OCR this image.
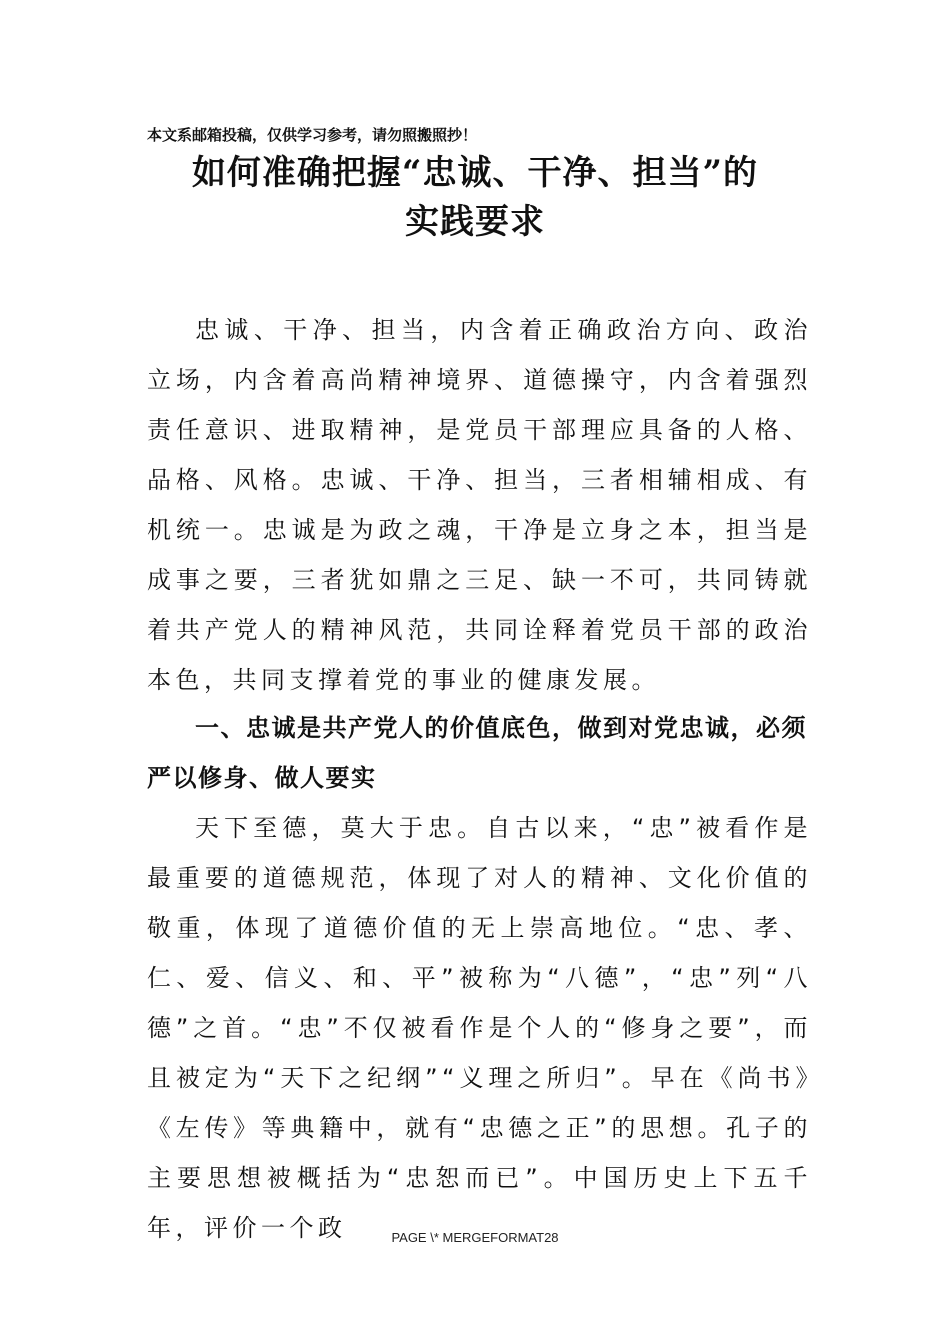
本文系邮箱投稿，仅供学习参考，请勿照搬照抄！
如何准确把握“忠诚、干净、担当”的
实践要求

忠诚、干净、担当，内含着正确政治方向、政治立场，内含着高尚精神境界、道德操守，内含着强烈责任意识、进取精神，是党员干部理应具备的人格、品格、风格。忠诚、干净、担当，三者相辅相成、有机统一。忠诚是为政之魂，干净是立身之本，担当是成事之要，三者犹如鼎之三足、缺一不可，共同铸就着共产党人的精神风范，共同诠释着党员干部的政治本色，共同支撑着党的事业的健康发展。

一、忠诚是共产党人的价值底色，做到对党忠诚，必须严以修身、做人要实

天下至德，莫大于忠。自古以来，“忠”被看作是最重要的道德规范，体现了对人的精神、文化价值的敬重，体现了道德价值的无上崇高地位。“忠、孝、仁、爱、信义、和、平”被称为“八德”，“忠”列“八德”之首。“忠”不仅被看作是个人的“修身之要”，而且被定为“天下之纪纲”“义理之所归”。早在《尚书》《左传》等典籍中，就有“忠德之正”的思想。孔子的主要思想被概括为“忠恕而已”。中国历史上下五千年，评价一个政	PAGE \* MERGEFORMAT28
